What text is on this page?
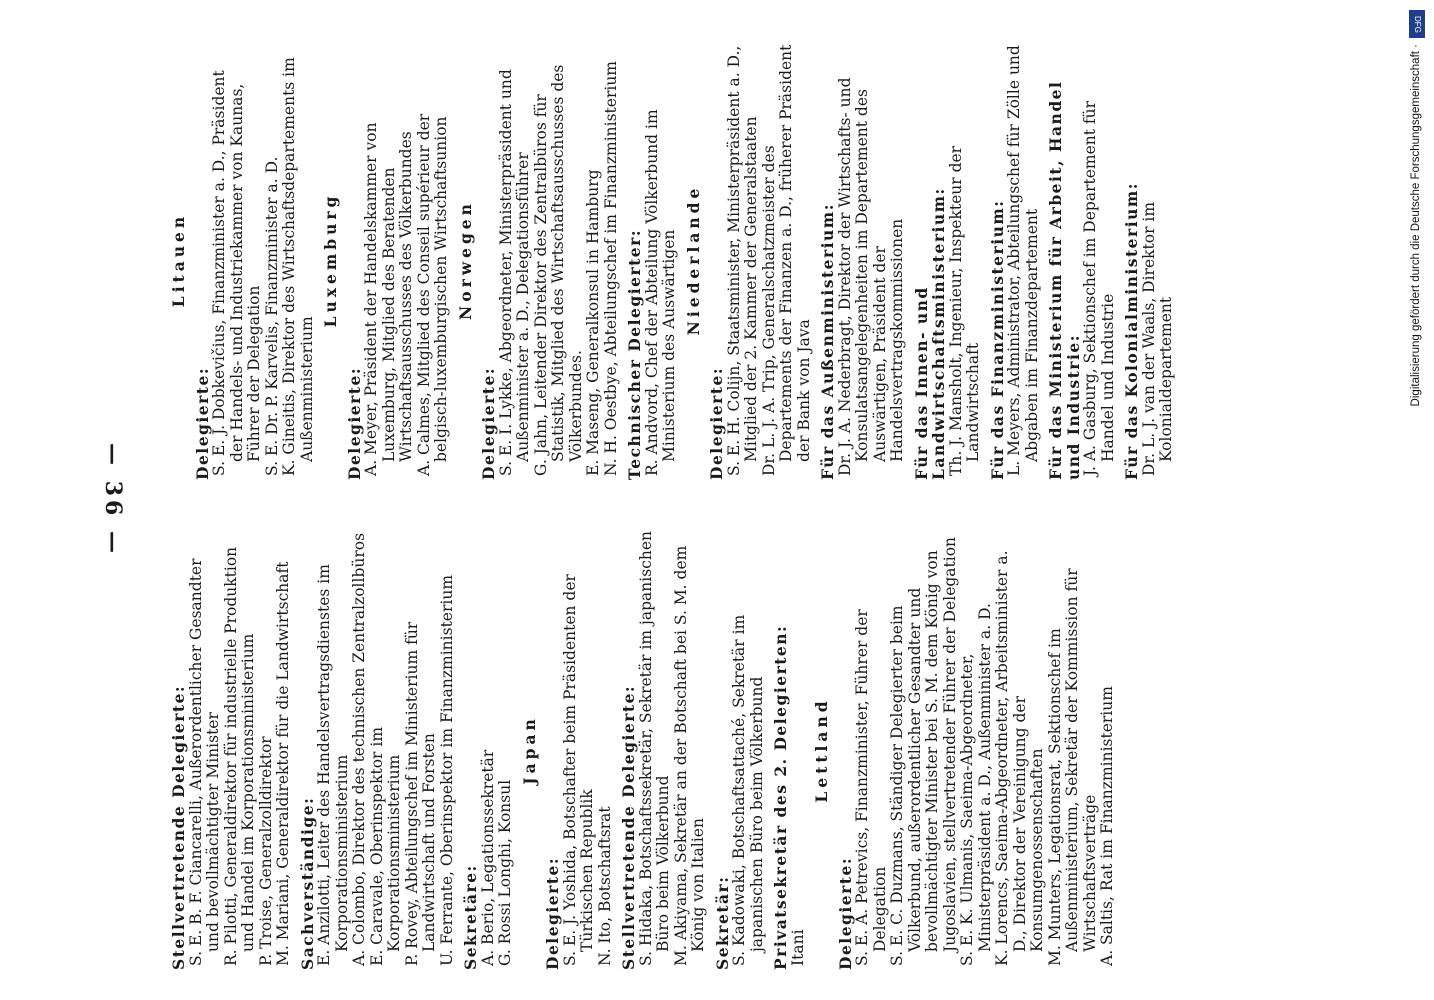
DFG
Digitalisierung gefördert durch die Deutsche Forschungsgemeinschaft ·
— 36 —
Stellvertretende Delegierte:
S. E. B. F. Ciancarelli, Außerordentlicher Gesandter und bevollmächtigter Minister R. Pilotti, Generaldirektor für industrielle Produktion und Handel im Korporationsministerium P. Troise, Generalzolldirektor M. Mariani, Generaldirektor für die Landwirtschaft Sachverständige:
E. Anzilotti, Leiter des Handelsvertragsdienstes im Korporationsministerium A. Colombo, Direktor des technischen Zentralzollbüros E. Caravale, Oberinspektor im Korporationsministerium P. Rovey, Abteilungschef im Ministerium für Landwirtschaft und Forsten U. Ferrante, Oberinspektor im Finanzministerium Sekretäre:
A. Berio, Legationssekretär G. Rossi Longhi, Konsul
Japan
Delegierte:
S. E. J. Yoshida, Botschafter beim Präsidenten der Türkischen Republik N. Ito, Botschaftsrat Stellvertretende Delegierte:
S. Hidaka, Botschaftssekretär, Sekretär im japanischen Büro beim Völkerbund M. Akiyama, Sekretär an der Botschaft bei S. M. dem König von Italien Sekretär:
S. Kadowaki, Botschaftsattaché, Sekretär im japanischen Büro beim Völkerbund Privatsekretär des 2. Delegierten:
Itani
Lettland
Delegierte:
S. E. A. Petrevics, Finanzminister, Führer der Delegation S. E. C. Duzmans, Ständiger Delegierter beim Völkerbund, außerordentlicher Gesandter und bevollmächtigter Minister bei S. M. dem König von Jugoslavien, stellvertretender Führer der Delegation S. E. K. Ulmanis, Saeima-Abgeordneter, Ministerpräsident a. D., Außenminister a. D. K. Lorencs, Saeima-Abgeordneter, Arbeitsminister a. D., Direktor der Vereinigung der Konsumgenossenschaften M. Munters, Legationsrat, Sektionschef im Außenministerium, Sekretär der Kommission für Wirtschaftsverträge A. Saltis, Rat im Finanzministerium
Litauen
Delegierte:
S. E. J. Dobkevičius, Finanzminister a. D., Präsident der Handels- und Industriekammer von Kaunas, Führer der Delegation S. E. Dr. P. Karvelis, Finanzminister a. D. K. Gineitis, Direktor des Wirtschaftsdepartements im Außenministerium
Luxemburg
Delegierte:
A. Meyer, Präsident der Handelskammer von Luxemburg, Mitglied des Beratenden Wirtschaftsausschusses des Völkerbundes A. Calmes, Mitglied des Conseil supérieur der belgisch-luxemburgischen Wirtschaftsunion Norwegen
Delegierte:
S. E. I. Lykke, Abgeordneter, Ministerpräsident und Außenminister a. D., Delegationsführer G. Jahn, Leitender Direktor des Zentralbüros für Statistik, Mitglied des Wirtschaftsausschusses des Völkerbundes. E. Maseng, Generalkonsul in Hamburg N. H. Oestbye, Abteilungschef im Finanzministerium Technischer Delegierter:
R. Andvord, Chef der Abteilung Völkerbund im Ministerium des Auswärtigen Niederlande
Delegierte:
S. E. H. Colijn, Staatsminister, Ministerpräsident a. D., Mitglied der 2. Kammer der Generalstaaten Dr. L. J. A. Trip, Generalschatzmeister des Departements der Finanzen a. D., früherer Präsident der Bank von Java Für das Außenministerium:
Dr. J. A. Nederbragt, Direktor der Wirtschafts- und Konsulatsangelegenheiten im Departement des Auswärtigen, Präsident der Handelsvertragskommissionen Für das Innen- und Landwirtschaftsministerium:
Th. J. Mansholt, Ingenieur, Inspekteur der Landwirtschaft Für das Finanzministerium:
L. Meyers, Administrator, Abteilungschef für Zölle und Abgaben im Finanzdepartement Für das Ministerium für Arbeit, Handel und Industrie:
J. A. Gasburg, Sektionschef im Departement für Handel und Industrie Für das Kolonialministerium:
Dr. L. J. van der Waals, Direktor im Kolonialdepartement
